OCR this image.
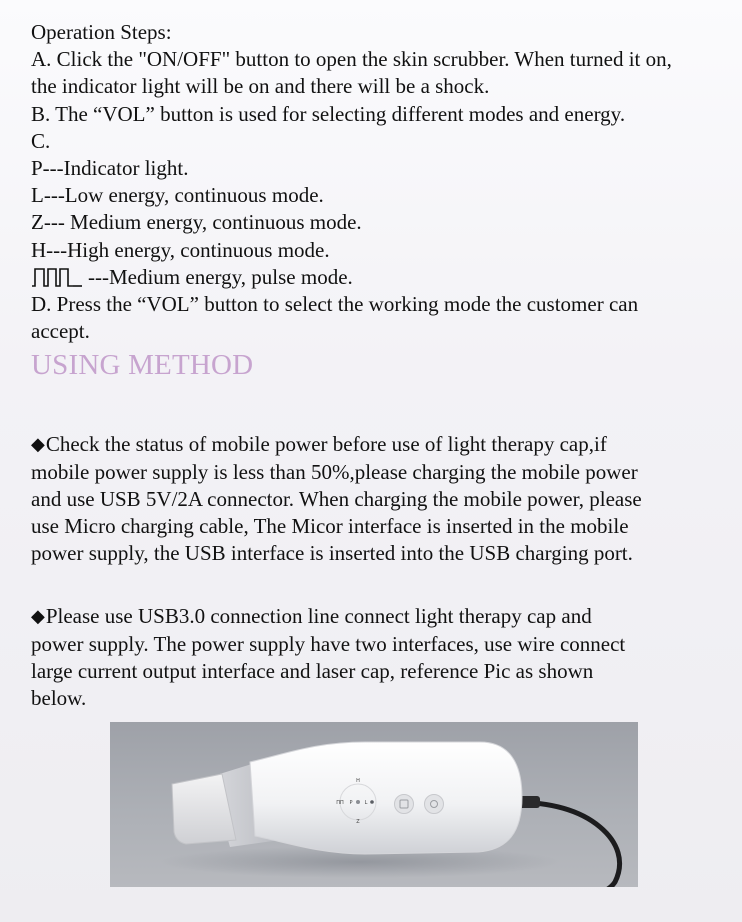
Operation Steps:
A. Click the "ON/OFF" button to open the skin scrubber. When turned it on,
the indicator light will be on and there will be a shock.
B. The “VOL” button is used for selecting different modes and energy.
C.
P---Indicator light.
L---Low energy, continuous mode.
Z--- Medium energy, continuous mode.
H---High energy, continuous mode.
---Medium energy, pulse mode.
D. Press the “VOL” button to select the working mode the customer can
accept.
USING METHOD
◆ Check the status of mobile power before use of light therapy cap,if
mobile power supply is less than 50%,please charging the mobile power
and use USB 5V/2A connector. When charging the mobile power, please
use Micro charging cable, The Micor interface is inserted in the mobile
power supply, the USB interface is inserted into the USB charging port.
◆ Please use USB3.0 connection line connect light therapy cap and
power supply. The power supply have two interfaces, use wire connect
large current output interface and laser cap, reference Pic as shown
below.
H
ΠΠ
Z
P L
